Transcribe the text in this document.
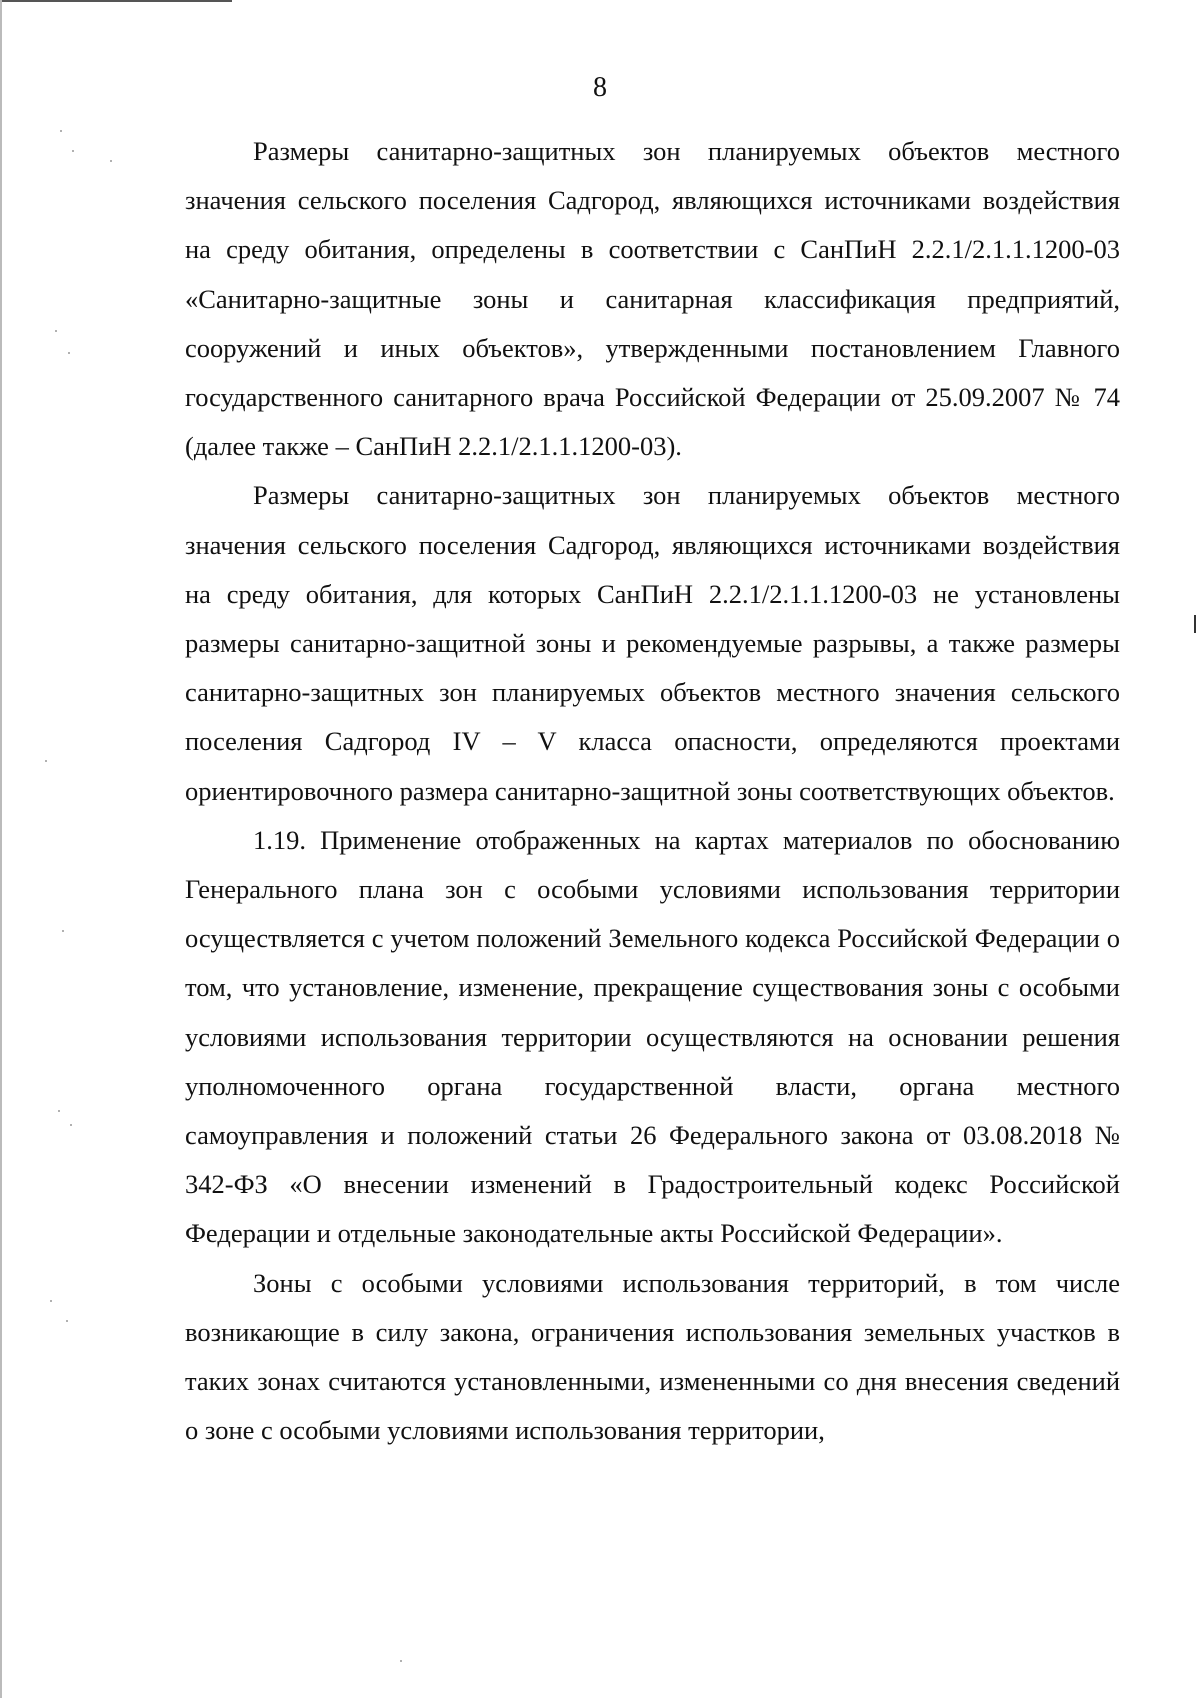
8

Размеры санитарно-защитных зон планируемых объектов местного значения сельского поселения Садгород, являющихся источниками воздействия на среду обитания, определены в соответствии с СанПиН 2.2.1/2.1.1.1200-03 «Санитарно-защитные зоны и санитарная классификация предприятий, сооружений и иных объектов», утвержденными постановлением Главного государственного санитарного врача Российской Федерации от 25.09.2007 № 74 (далее также – СанПиН 2.2.1/2.1.1.1200-03).

Размеры санитарно-защитных зон планируемых объектов местного значения сельского поселения Садгород, являющихся источниками воздействия на среду обитания, для которых СанПиН 2.2.1/2.1.1.1200-03 не установлены размеры санитарно-защитной зоны и рекомендуемые разрывы, а также размеры санитарно-защитных зон планируемых объектов местного значения сельского поселения Садгород IV – V класса опасности, определяются проектами ориентировочного размера санитарно-защитной зоны соответствующих объектов.

1.19. Применение отображенных на картах материалов по обоснованию Генерального плана зон с особыми условиями использования территории осуществляется с учетом положений Земельного кодекса Российской Федерации о том, что установление, изменение, прекращение существования зоны с особыми условиями использования территории осуществляются на основании решения уполномоченного органа государственной власти, органа местного самоуправления и положений статьи 26 Федерального закона от 03.08.2018 № 342-ФЗ «О внесении изменений в Градостроительный кодекс Российской Федерации и отдельные законодательные акты Российской Федерации».

Зоны с особыми условиями использования территорий, в том числе возникающие в силу закона, ограничения использования земельных участков в таких зонах считаются установленными, измененными со дня внесения сведений о зоне с особыми условиями использования территории,
